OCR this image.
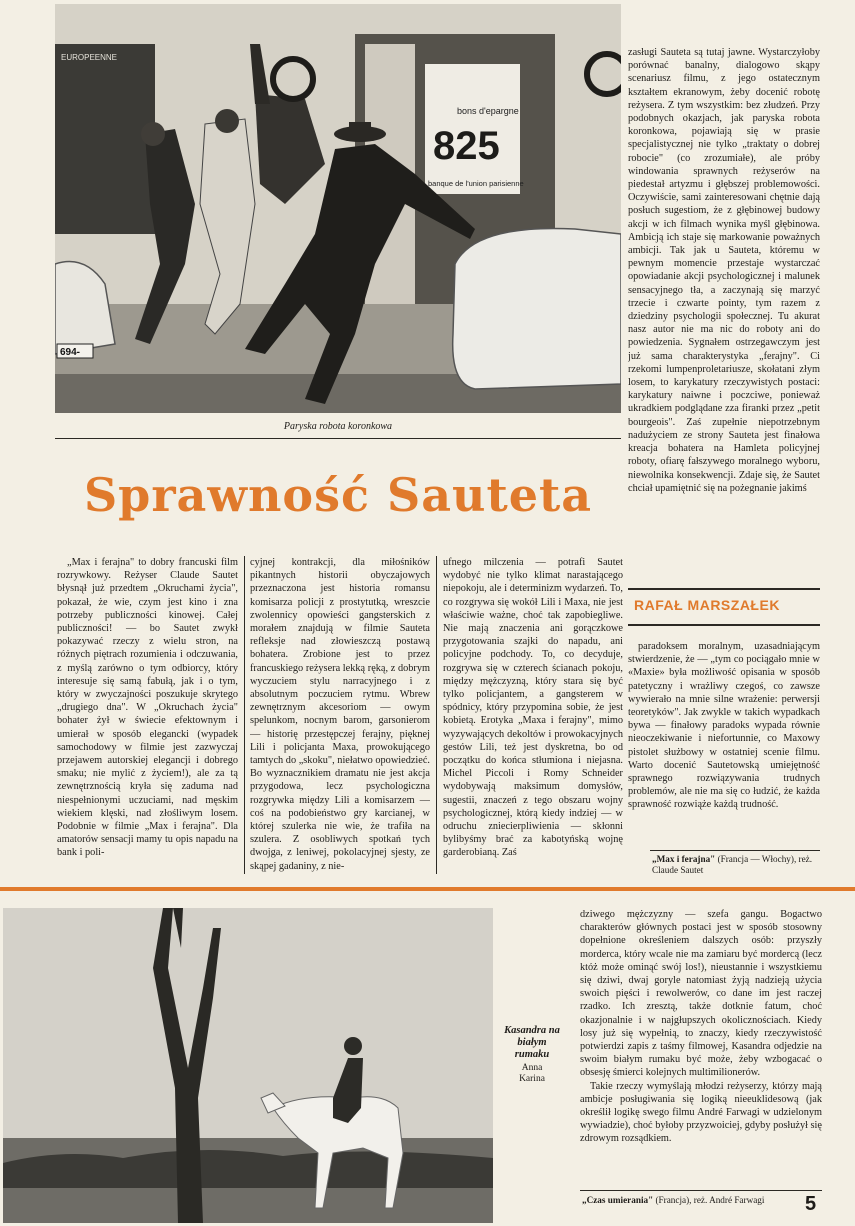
bons d'epargne
825
banque de l'union parisienne
EUROPEENNE
694-
Paryska robota koronkowa
Sprawność Sauteta

„Max i ferajna" to dobry francuski film rozrywkowy. Reżyser Claude Sautet błysnął już przedtem „Okruchami życia", pokazał, że wie, czym jest kino i zna potrzeby publiczności kinowej. Całej publiczności! — bo Sautet zwykł pokazywać rzeczy z wielu stron, na różnych piętrach rozumienia i odczuwania, z myślą zarówno o tym odbiorcy, który interesuje się samą fabułą, jak i o tym, który w zwyczajności poszukuje skrytego „drugiego dna". W „Okruchach życia" bohater żył w świecie efektownym i umierał w sposób elegancki (wypadek samochodowy w filmie jest zazwyczaj przejawem autorskiej elegancji i dobrego smaku; nie mylić z życiem!), ale za tą zewnętrznością kryła się zaduma nad niespełnionymi uczuciami, nad męskim wiekiem klęski, nad złośliwym losem. Podobnie w filmie „Max i ferajna". Dla amatorów sensacji mamy tu opis napadu na bank i poli-

cyjnej kontrakcji, dla miłośników pikantnych historii obyczajowych przeznaczona jest historia romansu komisarza policji z prostytutką, wreszcie zwolennicy opowieści gangsterskich z morałem znajdują w filmie Sauteta refleksje nad złowieszczą postawą bohatera. Zrobione jest to przez francuskiego reżysera lekką ręką, z dobrym wyczuciem stylu narracyjnego i z absolutnym poczuciem rytmu. Wbrew zewnętrznym akcesoriom — owym spelunkom, nocnym barom, garsonierom — historię przestępczej ferajny, pięknej Lili i policjanta Maxa, prowokującego tamtych do „skoku", niełatwo opowiedzieć. Bo wyznacznikiem dramatu nie jest akcja przygodowa, lecz psychologiczna rozgrywka między Lili a komisarzem — coś na podobieństwo gry karcianej, w której szulerka nie wie, że trafiła na szulera. Z osobliwych spotkań tych dwojga, z leniwej, pokolacyjnej sjesty, ze skąpej gadaniny, z nie-

ufnego milczenia — potrafi Sautet wydobyć nie tylko klimat narastającego niepokoju, ale i determinizm wydarzeń. To, co rozgrywa się wokół Lili i Maxa, nie jest właściwie ważne, choć tak zapobiegliwe. Nie mają znaczenia ani gorączkowe przygotowania szajki do napadu, ani policyjne podchody. To, co decyduje, rozgrywa się w czterech ścianach pokoju, między mężczyzną, który stara się być tylko policjantem, a gangsterem w spódnicy, który przypomina sobie, że jest kobietą. Erotyka „Maxa i ferajny", mimo wyzywających dekoltów i prowokacyjnych gestów Lili, też jest dyskretna, bo od początku do końca stłumiona i niejasna. Michel Piccoli i Romy Schneider wydobywają maksimum domysłów, sugestii, znaczeń z tego obszaru wojny psychologicznej, którą kiedy indziej — w odruchu zniecierpliwienia — skłonni bylibyśmy brać za kabotyńską wojnę garderobianą. Zaś

zasługi Sauteta są tutaj jawne. Wystarczyłoby porównać banalny, dialogowo skąpy scenariusz filmu, z jego ostatecznym kształtem ekranowym, żeby docenić robotę reżysera. Z tym wszystkim: bez złudzeń. Przy podobnych okazjach, jak paryska robota koronkowa, pojawiają się w prasie specjalistycznej nie tylko „traktaty o dobrej robocie" (co zrozumiałe), ale próby windowania sprawnych reżyserów na piedestał artyzmu i głębszej problemowości. Oczywiście, sami zainteresowani chętnie dają posłuch sugestiom, że z głębinowej budowy akcji w ich filmach wynika myśl głębinowa. Ambicją ich staje się markowanie poważnych ambicji. Tak jak u Sauteta, któremu w pewnym momencie przestaje wystarczać opowiadanie akcji psychologicznej i malunek sensacyjnego tła, a zaczynają się marzyć trzecie i czwarte pointy, tym razem z dziedziny psychologii społecznej. Tu akurat nasz autor nie ma nic do roboty ani do powiedzenia. Sygnałem ostrzegawczym jest już sama charakterystyka „ferajny". Ci rzekomi lumpenproletariusze, skołatani złym losem, to karykatury rzeczywistych postaci: karykatury naiwne i poczciwe, ponieważ ukradkiem podglądane zza firanki przez „petit bourgeois". Zaś zupełnie niepotrzebnym nadużyciem ze strony Sauteta jest finałowa kreacja bohatera na Hamleta policyjnej roboty, ofiarę fałszywego moralnego wyboru, niewolnika konsekwencji. Zdaje się, że Sautet chciał upamiętnić się na pożegnanie jakimś

RAFAŁ MARSZAŁEK

paradoksem moralnym, uzasadniającym stwierdzenie, że — „tym co pociągało mnie w «Maxie» była możliwość opisania w sposób patetyczny i wrażliwy czegoś, co zawsze wywierało na mnie silne wrażenie: perwersji teoretyków". Jak zwykle w takich wypadkach bywa — finałowy paradoks wypada równie nieoczekiwanie i niefortunnie, co Maxowy pistolet służbowy w ostatniej scenie filmu. Warto docenić Sautetowską umiejętność sprawnego rozwiązywania trudnych problemów, ale nie ma się co łudzić, że każda sprawność rozwiąże każdą trudność.

„Max i ferajna" (Francja — Włochy), reż. Claude Sautet
Kasandra na białym rumaku
Anna Karina

dziwego mężczyzny — szefa gangu. Bogactwo charakterów głównych postaci jest w sposób stosowny dopełnione określeniem dalszych osób: przyszły morderca, który wcale nie ma zamiaru być mordercą (lecz któż może ominąć swój los!), nieustannie i wszystkiemu się dziwi, dwaj goryle natomiast żyją nadzieją użycia swoich pięści i rewolwerów, co dane im jest raczej rzadko. Ich zresztą, także dotknie fatum, choć okazjonalnie i w najgłupszych okolicznościach. Kiedy losy już się wypełnią, to znaczy, kiedy rzeczywistość potwierdzi zapis z taśmy filmowej, Kasandra odjedzie na swoim białym rumaku być może, żeby wzbogacać o obsesję śmierci kolejnych multimilionerów.

Takie rzeczy wymyślają młodzi reżyserzy, którzy mają ambicje posługiwania się logiką nieeuklidesową (jak określił logikę swego filmu André Farwagi w udzielonym wywiadzie), choć byłoby przyzwoiciej, gdyby posłużył się zdrowym rozsądkiem.

„Czas umierania" (Francja), reż. André Farwagi	5
